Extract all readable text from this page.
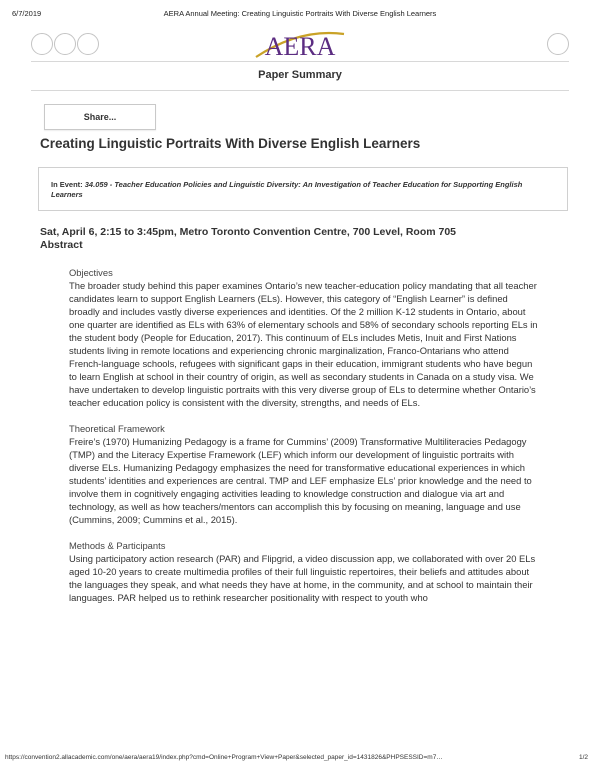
6/7/2019	AERA Annual Meeting: Creating Linguistic Portraits With Diverse English Learners
AERA
Paper Summary
Share...
Creating Linguistic Portraits With Diverse English Learners
In Event: 34.059 - Teacher Education Policies and Linguistic Diversity: An Investigation of Teacher Education for Supporting English Learners
Sat, April 6, 2:15 to 3:45pm, Metro Toronto Convention Centre, 700 Level, Room 705
Abstract

Objectives

The broader study behind this paper examines Ontario’s new teacher-education policy mandating that all teacher candidates learn to support English Learners (ELs). However, this category of “English Learner” is defined broadly and includes vastly diverse experiences and identities. Of the 2 million K-12 students in Ontario, about one quarter are identified as ELs with 63% of elementary schools and 58% of secondary schools reporting ELs in the student body (People for Education, 2017). This continuum of ELs includes Metis, Inuit and First Nations students living in remote locations and experiencing chronic marginalization, Franco-Ontarians who attend French-language schools, refugees with significant gaps in their education, immigrant students who have begun to learn English at school in their country of origin, as well as secondary students in Canada on a study visa. We have undertaken to develop linguistic portraits with this very diverse group of ELs to determine whether Ontario’s teacher education policy is consistent with the diversity, strengths, and needs of ELs.

Theoretical Framework

Freire’s (1970) Humanizing Pedagogy is a frame for Cummins’ (2009) Transformative Multiliteracies Pedagogy (TMP) and the Literacy Expertise Framework (LEF) which inform our development of linguistic portraits with diverse ELs. Humanizing Pedagogy emphasizes the need for transformative educational experiences in which students’ identities and experiences are central. TMP and LEF emphasize ELs’ prior knowledge and the need to involve them in cognitively engaging activities leading to knowledge construction and dialogue via art and technology, as well as how teachers/mentors can accomplish this by focusing on meaning, language and use (Cummins, 2009; Cummins et al., 2015).

Methods & Participants

Using participatory action research (PAR) and Flipgrid, a video discussion app, we collaborated with over 20 ELs aged 10-20 years to create multimedia profiles of their full linguistic repertoires, their beliefs and attitudes about the languages they speak, and what needs they have at home, in the community, and at school to maintain their languages. PAR helped us to rethink researcher positionality with respect to youth who

https://convention2.allacademic.com/one/aera/aera19/index.php?cmd=Online+Program+View+Paper&selected_paper_id=1431826&PHPSESSID=m7…	1/2
